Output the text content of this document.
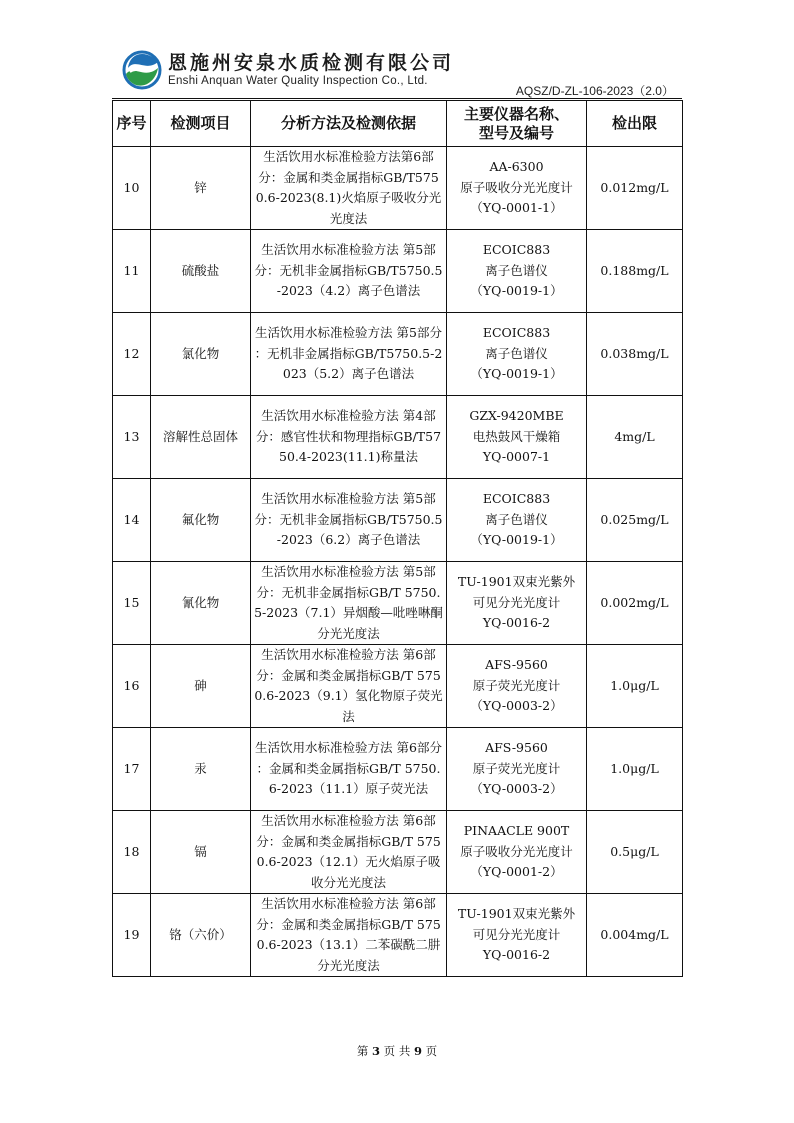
恩施州安泉水质检测有限公司
Enshi Anquan Water Quality Inspection Co., Ltd.
AQSZ/D-ZL-106-2023（2.0）
序号	检测项目	分析方法及检测依据	主要仪器名称、
型号及编号	检出限
10	锌	生活饮用水标准检验方法第6部分：金属和类金属指标GB/T5750.6-2023(8.1)火焰原子吸收分光光度法	AA-6300
原子吸收分光光度计
（YQ-0001-1）	0.012mg/L
11	硫酸盐	生活饮用水标准检验方法 第5部分：无机非金属指标GB/T5750.5-2023（4.2）离子色谱法	ECOIC883
离子色谱仪
（YQ-0019-1）	0.188mg/L
12	氯化物	生活饮用水标准检验方法 第5部分 ：无机非金属指标GB/T5750.5-2023（5.2）离子色谱法	ECOIC883
离子色谱仪
（YQ-0019-1）	0.038mg/L
13	溶解性总固体	生活饮用水标准检验方法 第4部分：感官性状和物理指标GB/T5750.4-2023(11.1)称量法	GZX-9420MBE
电热鼓风干燥箱
YQ-0007-1	4mg/L
14	氟化物	生活饮用水标准检验方法 第5部分：无机非金属指标GB/T5750.5-2023（6.2）离子色谱法	ECOIC883
离子色谱仪
（YQ-0019-1）	0.025mg/L
15	氰化物	生活饮用水标准检验方法 第5部分：无机非金属指标GB/T 5750.5-2023（7.1）异烟酸—吡唑啉酮分光光度法	TU-1901双束光紫外
可见分光光度计
YQ-0016-2	0.002mg/L
16	砷	生活饮用水标准检验方法 第6部分：金属和类金属指标GB/T 5750.6-2023（9.1）氢化物原子荧光法	AFS-9560
原子荧光光度计
（YQ-0003-2）	1.0μg/L
17	汞	生活饮用水标准检验方法 第6部分 ：金属和类金属指标GB/T 5750.6-2023（11.1）原子荧光法	AFS-9560
原子荧光光度计
（YQ-0003-2）	1.0μg/L
18	镉	生活饮用水标准检验方法 第6部分：金属和类金属指标GB/T 5750.6-2023（12.1）无火焰原子吸收分光光度法	PINAACLE 900T
原子吸收分光光度计
（YQ-0001-2）	0.5μg/L
19	铬（六价）	生活饮用水标准检验方法 第6部分：金属和类金属指标GB/T 5750.6-2023（13.1）二苯碳酰二肼分光光度法	TU-1901双束光紫外
可见分光光度计
YQ-0016-2	0.004mg/L
第 3 页 共 9 页
